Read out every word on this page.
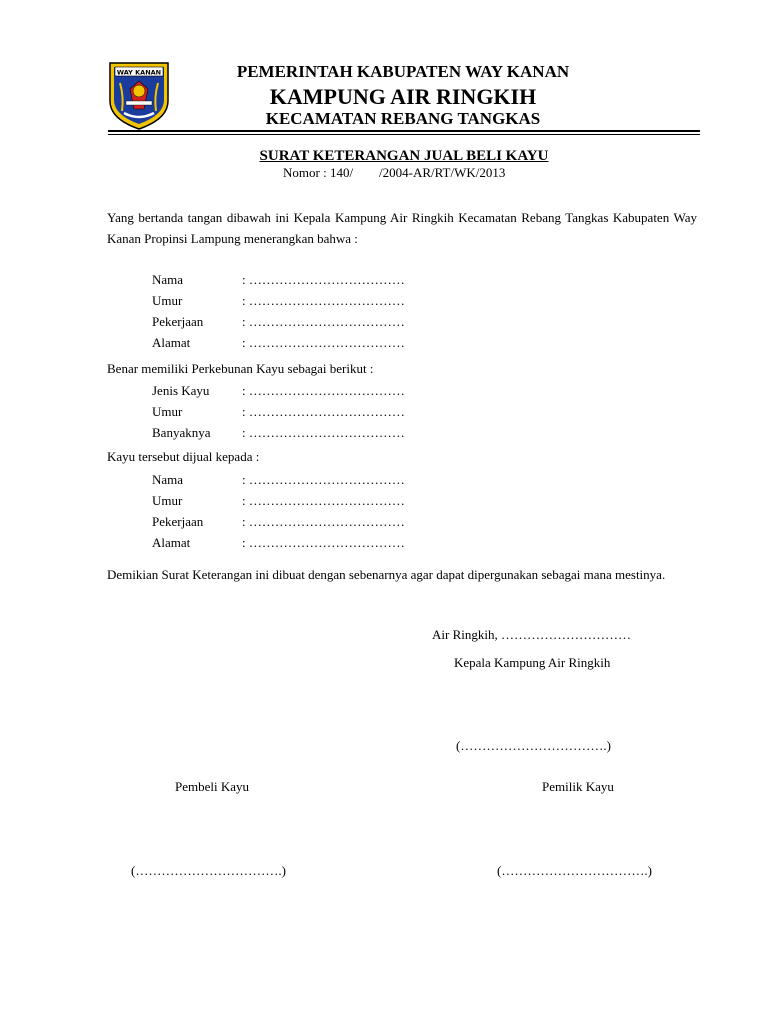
WAY KANAN	PEMERINTAH KABUPATEN WAY KANAN
KAMPUNG AIR RINGKIH
KECAMATAN REBANG TANGKAS
SURAT KETERANGAN JUAL BELI KAYU
Nomor : 140/        /2004-AR/RT/WK/2013
Yang bertanda tangan dibawah ini Kepala Kampung Air Ringkih Kecamatan Rebang Tangkas Kabupaten Way Kanan Propinsi Lampung menerangkan bahwa :
Nama	: ………………………………
Umur	: ………………………………
Pekerjaan	: ………………………………
Alamat	: ………………………………
Benar memiliki Perkebunan Kayu sebagai berikut :
Jenis Kayu	: ………………………………
Umur	: ………………………………
Banyaknya : ………………………………
Kayu tersebut dijual kepada :
Nama	: ………………………………
Umur	: ………………………………
Pekerjaan	: ………………………………
Alamat	: ………………………………
Demikian Surat Keterangan ini dibuat dengan sebenarnya agar dapat dipergunakan sebagai mana mestinya.
Air Ringkih, …………………………
Kepala Kampung Air Ringkih
(…………………………….)
Pembeli Kayu	Pemilik Kayu
(…………………………….)	(…………………………….)
